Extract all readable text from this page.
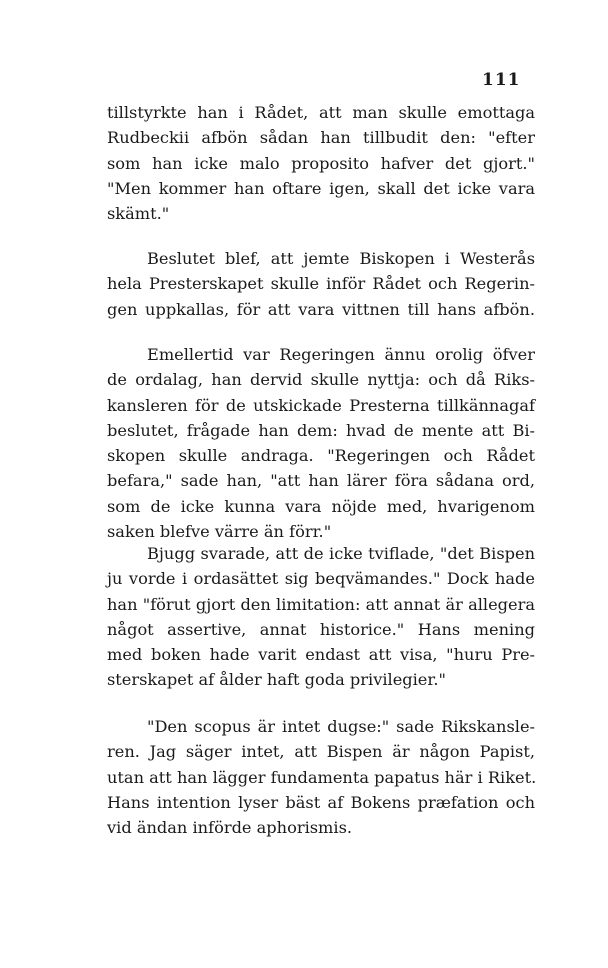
111
tillstyrkte han i Rådet, att man skulle emottaga
Rudbeckii afbön sådan han tillbudit den: "efter
som han icke malo proposito hafver det gjort."
"Men kommer han oftare igen, skall det icke vara
skämt."
Beslutet blef, att jemte Biskopen i Westerås
hela Presterskapet skulle inför Rådet och Regerin-
gen uppkallas, för att vara vittnen till hans afbön.
Emellertid var Regeringen ännu orolig öfver
de ordalag, han dervid skulle nyttja: och då Riks-
kansleren för de utskickade Presterna tillkännagaf
beslutet, frågade han dem: hvad de mente att Bi-
skopen skulle andraga. "Regeringen och Rådet
befara," sade han, "att han lärer föra sådana ord,
som de icke kunna vara nöjde med, hvarigenom
saken blefve värre än förr."
Bjugg svarade, att de icke tviflade, "det Bispen
ju vorde i ordasättet sig beqvämandes." Dock hade
han "förut gjort den limitation: att annat är allegera
något assertive, annat historice." Hans mening
med boken hade varit endast att visa, "huru Pre-
sterskapet af ålder haft goda privilegier."
"Den scopus är intet dugse:" sade Rikskansle-
ren. Jag säger intet, att Bispen är någon Papist,
utan att han lägger fundamenta papatus här i Riket.
Hans intention lyser bäst af Bokens præfation och
vid ändan införde aphorismis.
